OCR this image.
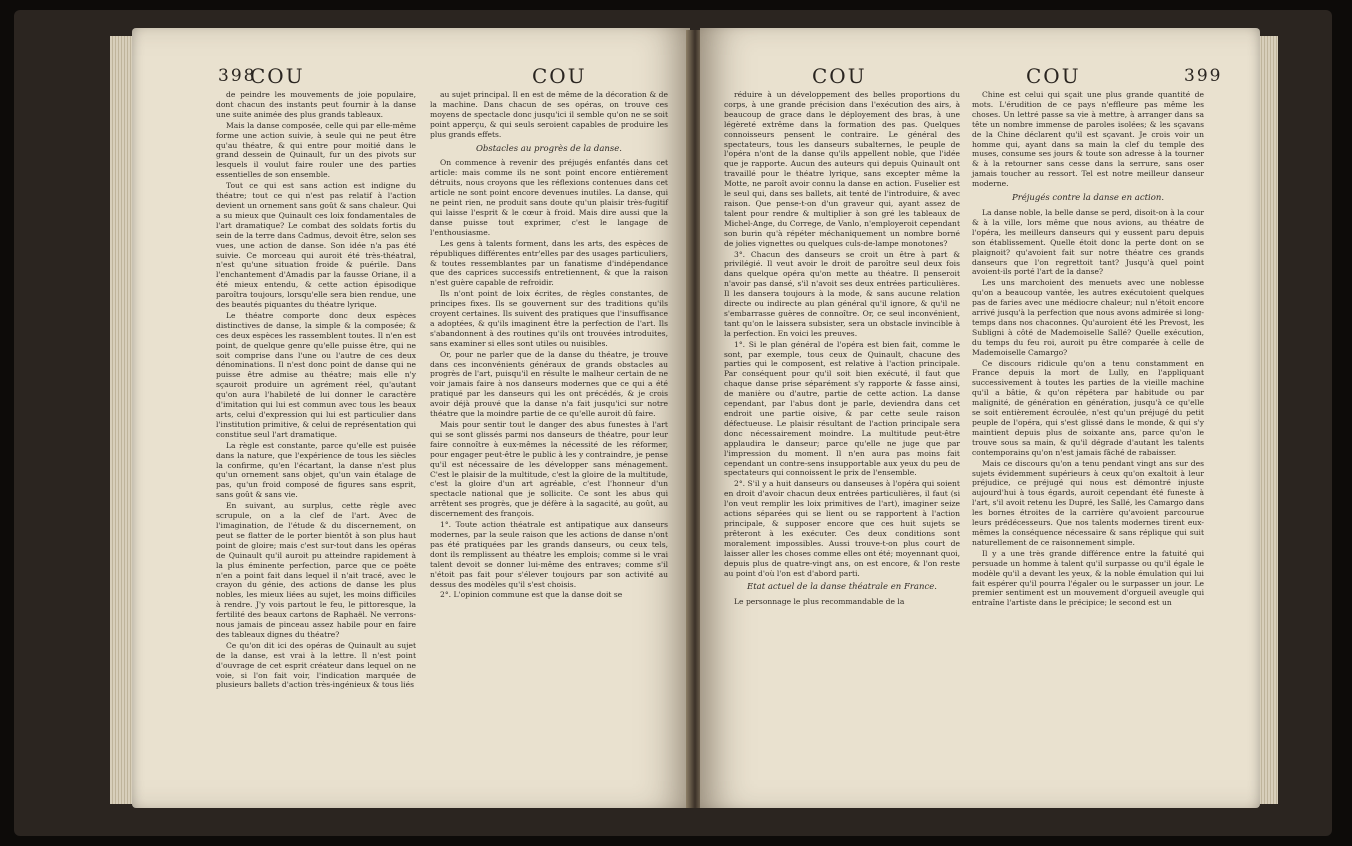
398
COU	COU

de peindre les mouvements de joie populaire, dont chacun des instants peut fournir à la danse une suite animée des plus grands tableaux.

Mais la danse composée, celle qui par elle-même forme une action suivie, à seule qui ne peut être qu'au théatre, & qui entre pour moitié dans le grand dessein de Quinault, fur un des pivots sur lesquels il voulut faire rouler une des parties essentielles de son ensemble.

Tout ce qui est sans action est indigne du théatre; tout ce qui n'est pas relatif à l'action devient un ornement sans goût & sans chaleur. Qui a su mieux que Quinault ces loix fondamentales de l'art dramatique? Le combat des soldats fortis du sein de la terre dans Cadmus, devoit être, selon ses vues, une action de danse. Son idée n'a pas été suivie. Ce morceau qui auroit été très-théatral, n'est qu'une situation froide & puérile. Dans l'enchantement d'Amadis par la fausse Oriane, il a été mieux entendu, & cette action épisodique paroîtra toujours, lorsqu'elle sera bien rendue, une des beautés piquantes du théatre lyrique.

Le théatre comporte donc deux espèces distinctives de danse, la simple & la composée; & ces deux espèces les rassemblent toutes. Il n'en est point, de quelque genre qu'elle puisse être, qui ne soit comprise dans l'une ou l'autre de ces deux dénominations. Il n'est donc point de danse qui ne puisse être admise au théatre; mais elle n'y sçauroit produire un agrément réel, qu'autant qu'on aura l'habileté de lui donner le caractère d'imitation qui lui est commun avec tous les beaux arts, celui d'expression qui lui est particulier dans l'institution primitive, & celui de représentation qui constitue seul l'art dramatique.

La règle est constante, parce qu'elle est puisée dans la nature, que l'expérience de tous les siècles la confirme, qu'en l'écartant, la danse n'est plus qu'un ornement sans objet, qu'un vain étalage de pas, qu'un froid composé de figures sans esprit, sans goût & sans vie.

En suivant, au surplus, cette règle avec scrupule, on a la clef de l'art. Avec de l'imagination, de l'étude & du discernement, on peut se flatter de le porter bientôt à son plus haut point de gloire; mais c'est sur-tout dans les opéras de Quinault qu'il auroit pu atteindre rapidement à la plus éminente perfection, parce que ce poëte n'en a point fait dans lequel il n'ait tracé, avec le crayon du génie, des actions de danse les plus nobles, les mieux liées au sujet, les moins difficiles à rendre. J'y vois partout le feu, le pittoresque, la fertilité des beaux cartons de Raphaël. Ne verrons-nous jamais de pinceau assez habile pour en faire des tableaux dignes du théatre?

Ce qu'on dit ici des opéras de Quinault au sujet de la danse, est vrai à la lettre. Il n'est point d'ouvrage de cet esprit créateur dans lequel on ne voie, si l'on fait voir, l'indication marquée de plusieurs ballets d'action très-ingénieux & tous liés

au sujet principal. Il en est de même de la décoration & de la machine. Dans chacun de ses opéras, on trouve ces moyens de spectacle donc jusqu'ici il semble qu'on ne se soit point apperçu, & qui seuls seroient capables de produire les plus grands effets.

Obstacles au progrès de la danse.

On commence à revenir des préjugés enfantés dans cet article: mais comme ils ne sont point encore entièrement détruits, nous croyons que les réflexions contenues dans cet article ne sont point encore devenues inutiles. La danse, qui ne peint rien, ne produit sans doute qu'un plaisir très-fugitif qui laisse l'esprit & le cœur à froid. Mais dire aussi que la danse puisse tout exprimer, c'est le langage de l'enthousiasme.

Les gens à talents forment, dans les arts, des espèces de républiques différentes entr'elles par des usages particuliers, & toutes ressemblantes par un fanatisme d'indépendance que des caprices successifs entretiennent, & que la raison n'est guère capable de refroidir.

Ils n'ont point de loix écrites, de règles constantes, de principes fixes. Ils se gouvernent sur des traditions qu'ils croyent certaines. Ils suivent des pratiques que l'insuffisance a adoptées, & qu'ils imaginent être la perfection de l'art. Ils s'abandonnent à des routines qu'ils ont trouvées introduites, sans examiner si elles sont utiles ou nuisibles.

Or, pour ne parler que de la danse du théatre, je trouve dans ces inconvénients généraux de grands obstacles au progrès de l'art, puisqu'il en résulte le malheur certain de ne voir jamais faire à nos danseurs modernes que ce qui a été pratiqué par les danseurs qui les ont précédés, & je crois avoir déjà prouvé que la danse n'a fait jusqu'ici sur notre théatre que la moindre partie de ce qu'elle auroit dû faire.

Mais pour sentir tout le danger des abus funestes à l'art qui se sont glissés parmi nos danseurs de théatre, pour leur faire connoître à eux-mêmes la nécessité de les réformer, pour engager peut-être le public à les y contraindre, je pense qu'il est nécessaire de les développer sans ménagement. C'est le plaisir de la multitude, c'est la gloire de la multitude, c'est la gloire d'un art agréable, c'est l'honneur d'un spectacle national que je sollicite. Ce sont les abus qui arrêtent ses progrès, que je défère à la sagacité, au goût, au discernement des françois.

1°. Toute action théatrale est antipatique aux danseurs modernes, par la seule raison que les actions de danse n'ont pas été pratiquées par les grands danseurs, ou ceux tels, dont ils remplissent au théatre les emplois; comme si le vrai talent devoit se donner lui-même des entraves; comme s'il n'étoit pas fait pour s'élever toujours par son activité au dessus des modèles qu'il s'est choisis.

2°. L'opinion commune est que la danse doit se

COU	COU	399

réduire à un développement des belles proportions du corps, à une grande précision dans l'exécution des airs, à beaucoup de grace dans le déployement des bras, à une légèreté extrême dans la formation des pas. Quelques connoisseurs pensent le contraire. Le général des spectateurs, tous les danseurs subalternes, le peuple de l'opéra n'ont de la danse qu'ils appellent noble, que l'idée que je rapporte. Aucun des auteurs qui depuis Quinault ont travaillé pour le théatre lyrique, sans excepter même la Motte, ne paroît avoir connu la danse en action. Fuselier est le seul qui, dans ses ballets, ait tenté de l'introduire, & avec raison. Que pense-t-on d'un graveur qui, ayant assez de talent pour rendre & multiplier à son gré les tableaux de Michel-Ange, du Correge, de Vanlo, n'employeroit cependant son burin qu'à répéter méchaniquement un nombre borné de jolies vignettes ou quelques culs-de-lampe monotones?

3°. Chacun des danseurs se croit un être à part & privilégié. Il veut avoir le droit de paroître seul deux fois dans quelque opéra qu'on mette au théatre. Il penseroit n'avoir pas dansé, s'il n'avoit ses deux entrées particulières. Il les dansera toujours à la mode, & sans aucune relation directe ou indirecte au plan général qu'il ignore, & qu'il ne s'embarrasse guères de connoître. Or, ce seul inconvénient, tant qu'on le laissera subsister, sera un obstacle invincible à la perfection. En voici les preuves.

1°. Si le plan général de l'opéra est bien fait, comme le sont, par exemple, tous ceux de Quinault, chacune des parties qui le composent, est relative à l'action principale. Par conséquent pour qu'il soit bien exécuté, il faut que chaque danse prise séparément s'y rapporte & fasse ainsi, de manière ou d'autre, partie de cette action. La danse cependant, par l'abus dont je parle, deviendra dans cet endroit une partie oisive, & par cette seule raison défectueuse. Le plaisir résultant de l'action principale sera donc nécessairement moindre. La multitude peut-être applaudira le danseur; parce qu'elle ne juge que par l'impression du moment. Il n'en aura pas moins fait cependant un contre-sens insupportable aux yeux du peu de spectateurs qui connoissent le prix de l'ensemble.

2°. S'il y a huit danseurs ou danseuses à l'opéra qui soient en droit d'avoir chacun deux entrées particulières, il faut (si l'on veut remplir les loix primitives de l'art), imaginer seize actions séparées qui se lient ou se rapportent à l'action principale, & supposer encore que ces huit sujets se prêteront à les exécuter. Ces deux conditions sont moralement impossibles. Aussi trouve-t-on plus court de laisser aller les choses comme elles ont été; moyennant quoi, depuis plus de quatre-vingt ans, on est encore, & l'on reste au point d'où l'on est d'abord parti.

Etat actuel de la danse théatrale en France.

Le personnage le plus recommandable de la

Chine est celui qui sçait une plus grande quantité de mots. L'érudition de ce pays n'effleure pas même les choses. Un lettré passe sa vie à mettre, à arranger dans sa tête un nombre immense de paroles isolées; & les sçavans de la Chine déclarent qu'il est sçavant. Je crois voir un homme qui, ayant dans sa main la clef du temple des muses, consume ses jours & toute son adresse à la tourner & à la retourner sans cesse dans la serrure, sans oser jamais toucher au ressort. Tel est notre meilleur danseur moderne.

Préjugés contre la danse en action.

La danse noble, la belle danse se perd, disoit-on à la cour & à la ville, lors même que nous avions, au théatre de l'opéra, les meilleurs danseurs qui y eussent paru depuis son établissement. Quelle étoit donc la perte dont on se plaignoit? qu'avoient fait sur notre théatre ces grands danseurs que l'on regrettoit tant? Jusqu'à quel point avoient-ils porté l'art de la danse?

Les uns marchoient des menuets avec une noblesse qu'on a beaucoup vantée, les autres exécutoient quelques pas de faries avec une médiocre chaleur; nul n'étoit encore arrivé jusqu'à la perfection que nous avons admirée si long-temps dans nos chaconnes. Qu'auroient été les Prevost, les Subligni à côté de Mademoiselle Sallé? Quelle exécution, du temps du feu roi, auroit pu être comparée à celle de Mademoiselle Camargo?

Ce discours ridicule qu'on a tenu constamment en France depuis la mort de Lully, en l'appliquant successivement à toutes les parties de la vieille machine qu'il a bâtie, & qu'on répétera par habitude ou par malignité, de génération en génération, jusqu'à ce qu'elle se soit entièrement écroulée, n'est qu'un préjugé du petit peuple de l'opéra, qui s'est glissé dans le monde, & qui s'y maintient depuis plus de soixante ans, parce qu'on le trouve sous sa main, & qu'il dégrade d'autant les talents contemporains qu'on n'est jamais fâché de rabaisser.

Mais ce discours qu'on a tenu pendant vingt ans sur des sujets évidemment supérieurs à ceux qu'on exaltoit à leur préjudice, ce préjugé qui nous est démontré injuste aujourd'hui à tous égards, auroit cependant été funeste à l'art, s'il avoit retenu les Dupré, les Sallé, les Camargo dans les bornes étroites de la carrière qu'avoient parcourue leurs prédécesseurs. Que nos talents modernes tirent eux-mêmes la conséquence nécessaire & sans réplique qui suit naturellement de ce raisonnement simple.

Il y a une très grande différence entre la fatuité qui persuade un homme à talent qu'il surpasse ou qu'il égale le modèle qu'il a devant les yeux, & la noble émulation qui lui fait espérer qu'il pourra l'égaler ou le surpasser un jour. Le premier sentiment est un mouvement d'orgueil aveugle qui entraîne l'artiste dans le précipice; le second est un
